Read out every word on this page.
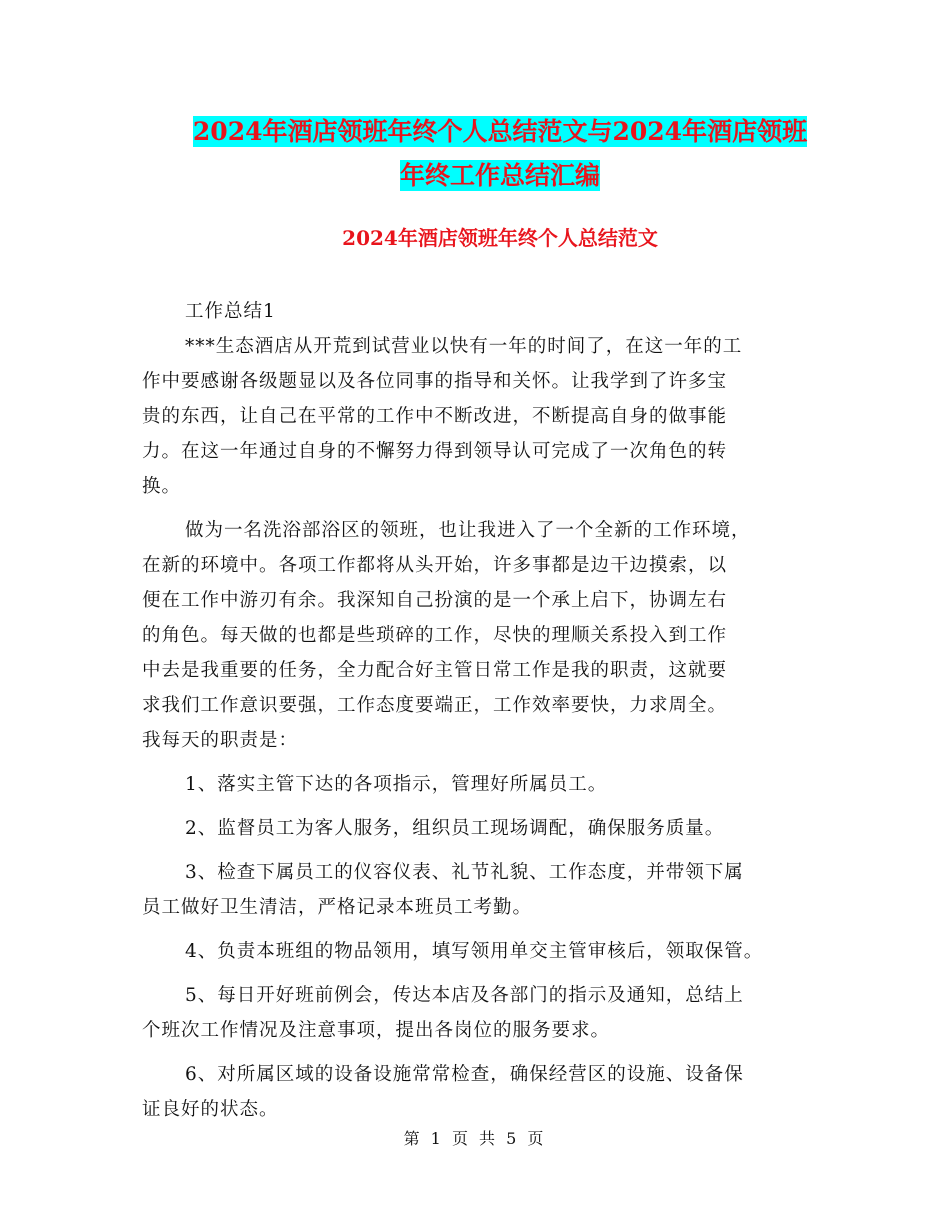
2024年酒店领班年终个人总结范文与2024年酒店领班
年终工作总结汇编
2024年酒店领班年终个人总结范文
工作总结1
***生态酒店从开荒到试营业以快有一年的时间了，在这一年的工
作中要感谢各级题显以及各位同事的指导和关怀。让我学到了许多宝
贵的东西，让自己在平常的工作中不断改进，不断提高自身的做事能
力。在这一年通过自身的不懈努力得到领导认可完成了一次角色的转
换。
做为一名洗浴部浴区的领班，也让我进入了一个全新的工作环境，
在新的环境中。各项工作都将从头开始，许多事都是边干边摸索，以
便在工作中游刃有余。我深知自己扮演的是一个承上启下，协调左右
的角色。每天做的也都是些琐碎的工作，尽快的理顺关系投入到工作
中去是我重要的任务，全力配合好主管日常工作是我的职责，这就要
求我们工作意识要强，工作态度要端正，工作效率要快，力求周全。
我每天的职责是：
1、落实主管下达的各项指示，管理好所属员工。
2、监督员工为客人服务，组织员工现场调配，确保服务质量。
3、检查下属员工的仪容仪表、礼节礼貌、工作态度，并带领下属
员工做好卫生清洁，严格记录本班员工考勤。
4、负责本班组的物品领用，填写领用单交主管审核后，领取保管。
5、每日开好班前例会，传达本店及各部门的指示及通知，总结上
个班次工作情况及注意事项，提出各岗位的服务要求。
6、对所属区域的设备设施常常检查，确保经营区的设施、设备保
证良好的状态。
第 1 页 共 5 页
